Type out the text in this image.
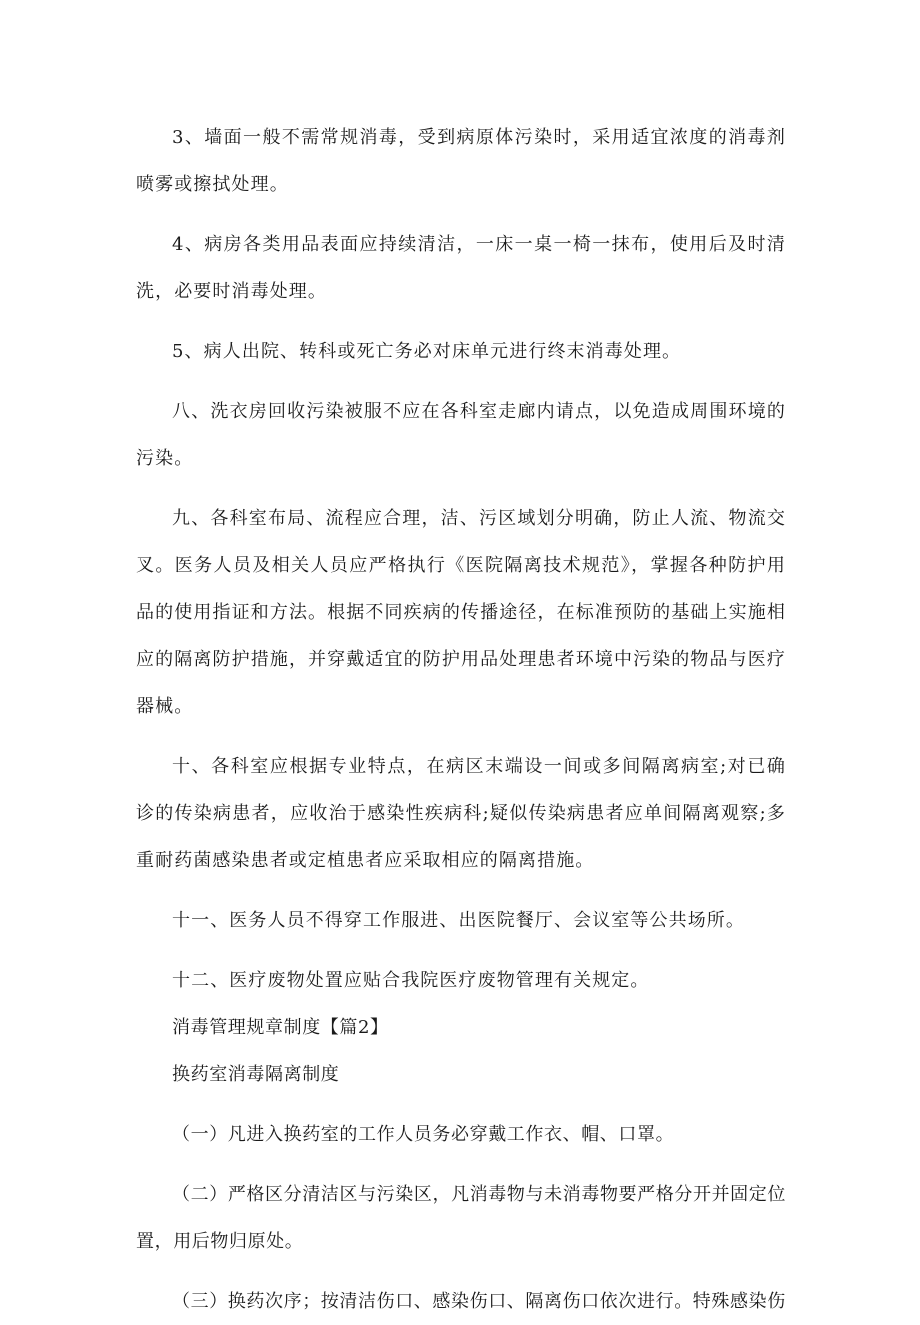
3、墙面一般不需常规消毒，受到病原体污染时，采用适宜浓度的消毒剂喷雾或擦拭处理。

4、病房各类用品表面应持续清洁，一床一桌一椅一抹布，使用后及时清洗，必要时消毒处理。

5、病人出院、转科或死亡务必对床单元进行终末消毒处理。

八、洗衣房回收污染被服不应在各科室走廊内请点，以免造成周围环境的污染。

九、各科室布局、流程应合理，洁、污区域划分明确，防止人流、物流交叉。医务人员及相关人员应严格执行《医院隔离技术规范》，掌握各种防护用品的使用指证和方法。根据不同疾病的传播途径，在标准预防的基础上实施相应的隔离防护措施，并穿戴适宜的防护用品处理患者环境中污染的物品与医疗器械。

十、各科室应根据专业特点，在病区末端设一间或多间隔离病室;对已确诊的传染病患者，应收治于感染性疾病科;疑似传染病患者应单间隔离观察;多重耐药菌感染患者或定植患者应采取相应的隔离措施。

十一、医务人员不得穿工作服进、出医院餐厅、会议室等公共场所。

十二、医疗废物处置应贴合我院医疗废物管理有关规定。

消毒管理规章制度【篇2】

换药室消毒隔离制度

（一）凡进入换药室的工作人员务必穿戴工作衣、帽、口罩。

（二）严格区分清洁区与污染区，凡消毒物与未消毒物要严格分开并固定位置，用后物归原处。

（三）换药次序；按清洁伤口、感染伤口、隔离伤口依次进行。特殊感染伤
